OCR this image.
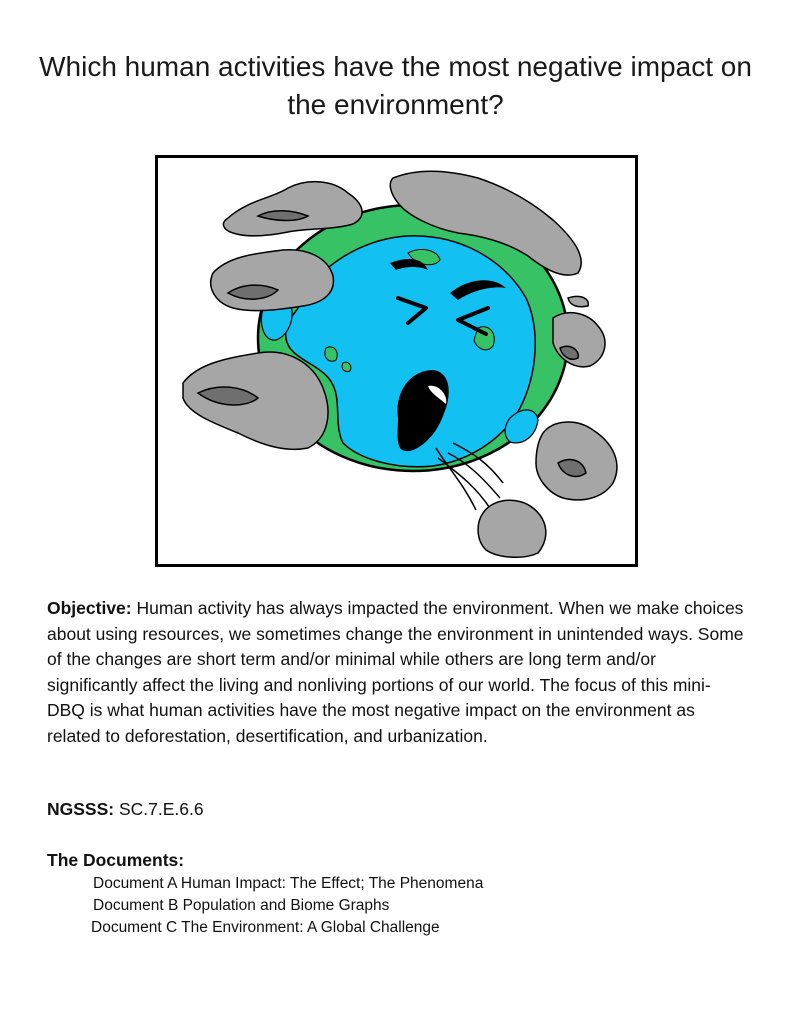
Which human activities have the most negative impact on the environment?

Objective: Human activity has always impacted the environment. When we make choices about using resources, we sometimes change the environment in unintended ways. Some of the changes are short term and/or minimal while others are long term and/or significantly affect the living and nonliving portions of our world. The focus of this mini-DBQ is what human activities have the most negative impact on the environment as related to deforestation, desertification, and urbanization.

NGSSS: SC.7.E.6.6

The Documents:

Document A Human Impact: The Effect; The Phenomena
Document B Population and Biome Graphs
Document C The Environment: A Global Challenge
